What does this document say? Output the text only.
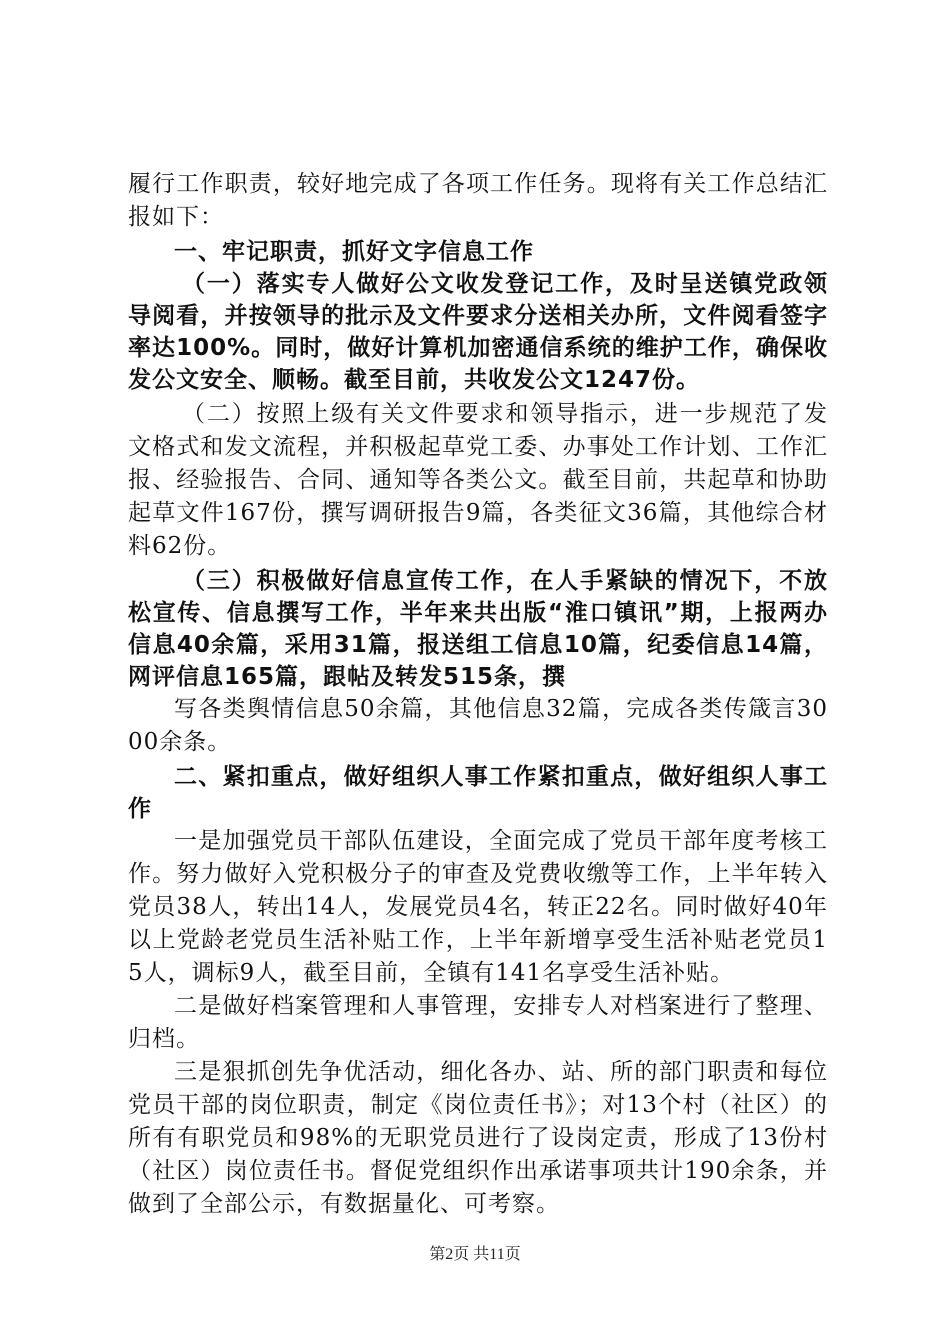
履行工作职责，较好地完成了各项工作任务。现将有关工作总结汇报如下：

一、牢记职责，抓好文字信息工作

（一）落实专人做好公文收发登记工作，及时呈送镇党政领导阅看，并按领导的批示及文件要求分送相关办所，文件阅看签字率达100%。同时，做好计算机加密通信系统的维护工作，确保收发公文安全、顺畅。截至目前，共收发公文1247份。

（二）按照上级有关文件要求和领导指示，进一步规范了发文格式和发文流程，并积极起草党工委、办事处工作计划、工作汇报、经验报告、合同、通知等各类公文。截至目前，共起草和协助起草文件167份，撰写调研报告9篇，各类征文36篇，其他综合材料62份。

（三）积极做好信息宣传工作，在人手紧缺的情况下，不放松宣传、信息撰写工作，半年来共出版“淮口镇讯”期，上报两办信息40余篇，采用31篇，报送组工信息10篇，纪委信息14篇，网评信息165篇，跟帖及转发515条，撰

写各类舆情信息50余篇，其他信息32篇，完成各类传箴言3000余条。

二、紧扣重点，做好组织人事工作紧扣重点，做好组织人事工作

一是加强党员干部队伍建设，全面完成了党员干部年度考核工作。努力做好入党积极分子的审查及党费收缴等工作，上半年转入党员38人，转出14人，发展党员4名，转正22名。同时做好40年以上党龄老党员生活补贴工作，上半年新增享受生活补贴老党员15人，调标9人，截至目前，全镇有141名享受生活补贴。

二是做好档案管理和人事管理，安排专人对档案进行了整理、归档。

三是狠抓创先争优活动，细化各办、站、所的部门职责和每位党员干部的岗位职责，制定《岗位责任书》；对13个村（社区）的所有有职党员和98%的无职党员进行了设岗定责，形成了13份村（社区）岗位责任书。督促党组织作出承诺事项共计190余条，并做到了全部公示，有数据量化、可考察。

第2页 共11页
